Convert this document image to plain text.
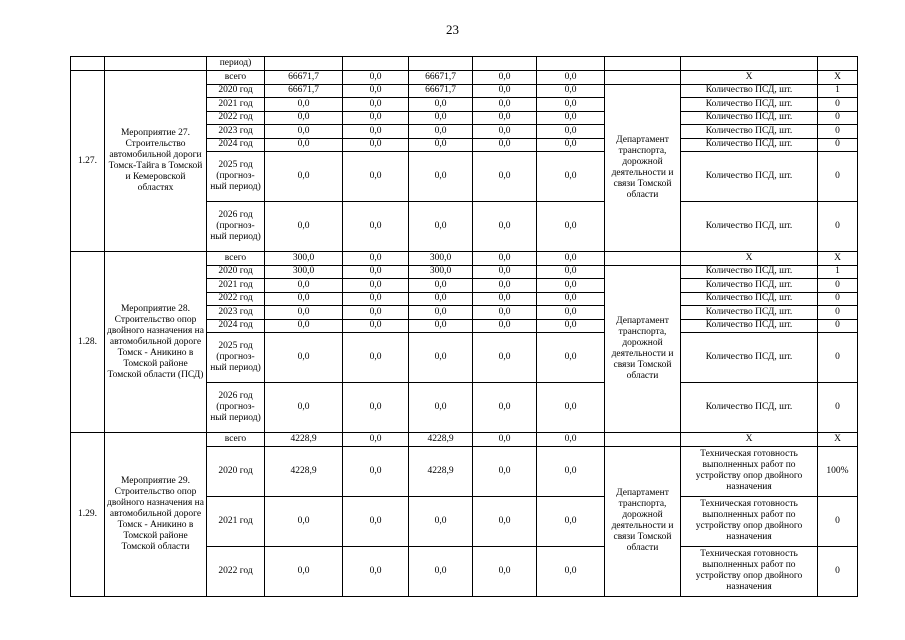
23
		период)								
1.27.	Мероприятие 27. Строительство автомобильной дороги Томск-Тайга в Томской и Кемеровской областях	всего	66671,7	0,0	66671,7	0,0	0,0		Х	Х
		2020 год	66671,7	0,0	66671,7	0,0	0,0	Департамент транспорта, дорожной деятельности и связи Томской области	Количество ПСД, шт.	1
		2021 год	0,0	0,0	0,0	0,0	0,0		Количество ПСД, шт.	0
		2022 год	0,0	0,0	0,0	0,0	0,0		Количество ПСД, шт.	0
		2023 год	0,0	0,0	0,0	0,0	0,0		Количество ПСД, шт.	0
		2024 год	0,0	0,0	0,0	0,0	0,0		Количество ПСД, шт.	0
		2025 год (прогноз-ный период)	0,0	0,0	0,0	0,0	0,0		Количество ПСД, шт.	0
		2026 год (прогноз-ный период)	0,0	0,0	0,0	0,0	0,0		Количество ПСД, шт.	0
1.28.	Мероприятие 28. Строительство опор двойного назначения на автомобильной дороге Томск - Аникино в Томской районе Томской области (ПСД)	всего	300,0	0,0	300,0	0,0	0,0		Х	Х
		2020 год	300,0	0,0	300,0	0,0	0,0	Департамент транспорта, дорожной деятельности и связи Томской области	Количество ПСД, шт.	1
		2021 год	0,0	0,0	0,0	0,0	0,0		Количество ПСД, шт.	0
		2022 год	0,0	0,0	0,0	0,0	0,0		Количество ПСД, шт.	0
		2023 год	0,0	0,0	0,0	0,0	0,0		Количество ПСД, шт.	0
		2024 год	0,0	0,0	0,0	0,0	0,0		Количество ПСД, шт.	0
		2025 год (прогноз-ный период)	0,0	0,0	0,0	0,0	0,0		Количество ПСД, шт.	0
		2026 год (прогноз-ный период)	0,0	0,0	0,0	0,0	0,0		Количество ПСД, шт.	0
1.29.	Мероприятие 29. Строительство опор двойного назначения на автомобильной дороге Томск - Аникино в Томской районе Томской области	всего	4228,9	0,0	4228,9	0,0	0,0		Х	Х
		2020 год	4228,9	0,0	4228,9	0,0	0,0	Департамент транспорта, дорожной деятельности и связи Томской области	Техническая готовность выполненных работ по устройству опор двойного назначения	100%
		2021 год	0,0	0,0	0,0	0,0	0,0		Техническая готовность выполненных работ по устройству опор двойного назначения	0
		2022 год	0,0	0,0	0,0	0,0	0,0		Техническая готовность выполненных работ по устройству опор двойного назначения	0
